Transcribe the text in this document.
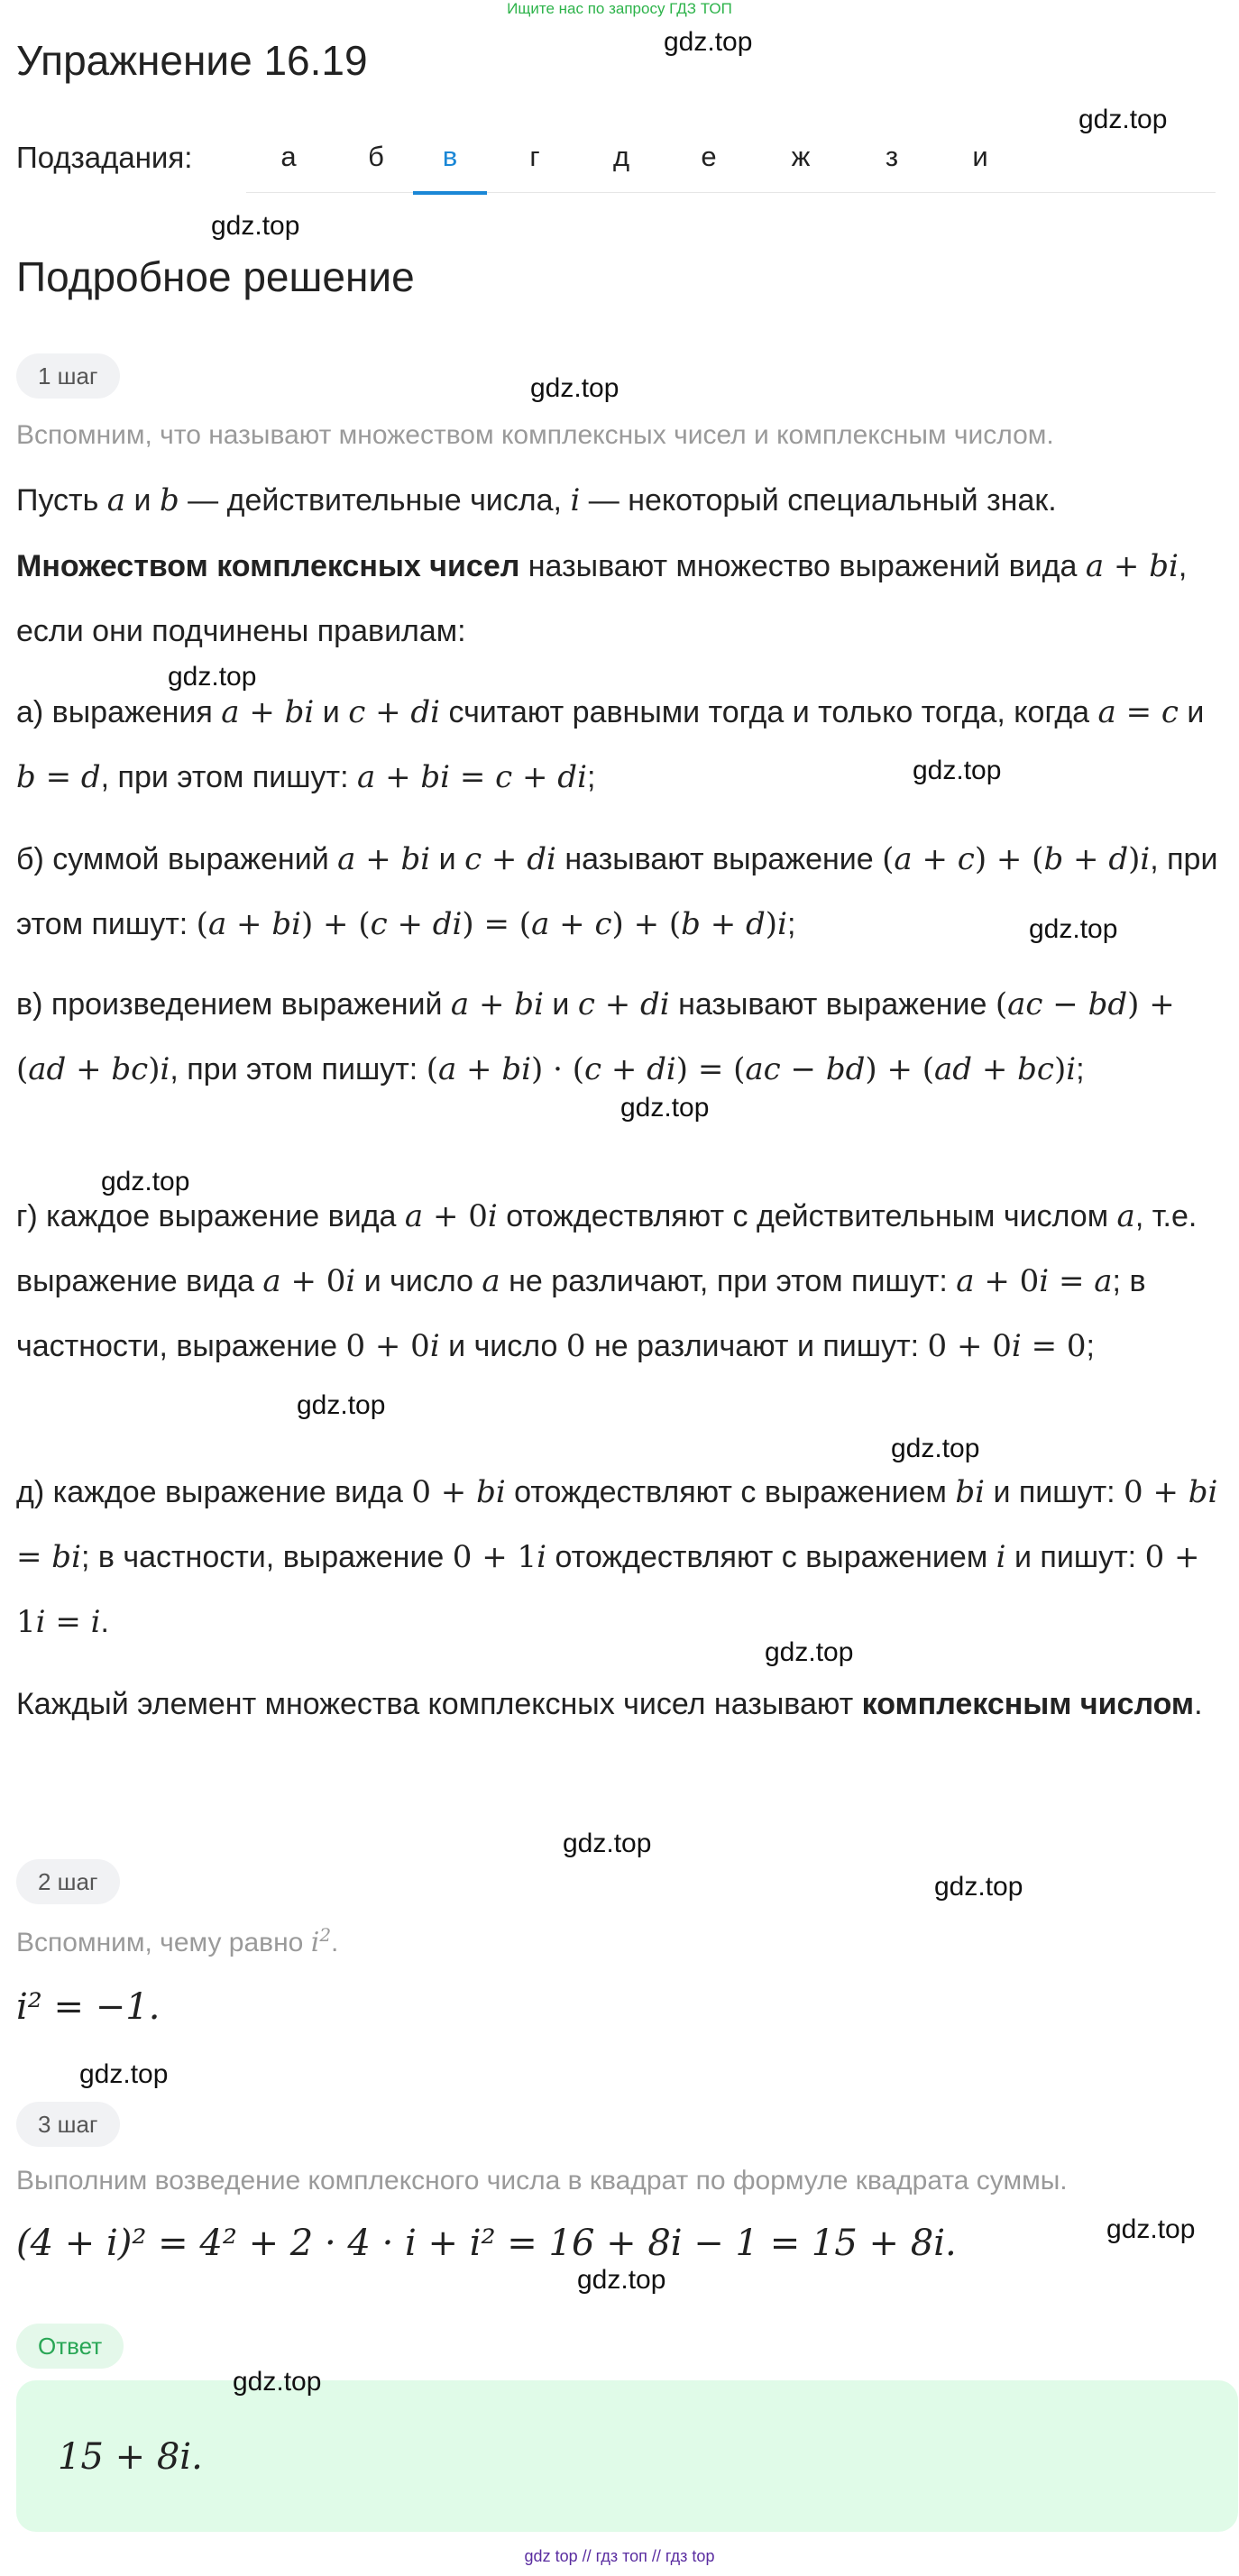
Ищите нас по запросу ГДЗ ТОП
Упражнение 16.19
Подзадания:	а	б	в	г	д	е	ж	з	и
Подробное решение
1 шаг
Вспомним, что называют множеством комплексных чисел и комплексным числом.
Пусть a и b — действительные числа, i — некоторый специальный знак.
Множеством комплексных чисел называют множество выражений вида a + bi, если они подчинены правилам:
а) выражения a + bi и c + di считают равными тогда и только тогда, когда a = c и b = d, при этом пишут: a + bi = c + di;
б) суммой выражений a + bi и c + di называют выражение (a + c) + (b + d)i, при этом пишут: (a + bi) + (c + di) = (a + c) + (b + d)i;
в) произведением выражений a + bi и c + di называют выражение (ac − bd) + (ad + bc)i, при этом пишут: (a + bi) · (c + di) = (ac − bd) + (ad + bc)i;
г) каждое выражение вида a + 0i отождествляют с действительным числом a, т.е. выражение вида a + 0i и число a не различают, при этом пишут: a + 0i = a; в частности, выражение 0 + 0i и число 0 не различают и пишут: 0 + 0i = 0;
д) каждое выражение вида 0 + bi отождествляют с выражением bi и пишут: 0 + bi = bi; в частности, выражение 0 + 1i отождествляют с выражением i и пишут: 0 + 1i = i.
Каждый элемент множества комплексных чисел называют комплексным числом.
2 шаг
Вспомним, чему равно $i^2$.
i² = −1.
3 шаг
Выполним возведение комплексного числа в квадрат по формуле квадрата суммы.
(4 + i)² = 4² + 2 · 4 · i + i² = 16 + 8i − 1 = 15 + 8i.
Ответ
15 + 8i.
gdz.top
gdz.top
gdz.top
gdz.top
gdz.top
gdz.top
gdz.top
gdz.top
gdz.top
gdz.top
gdz.top
gdz.top
gdz.top
gdz.top
gdz.top
gdz.top
gdz.top
gdz.top
gdz top // гдз топ // гдз top
